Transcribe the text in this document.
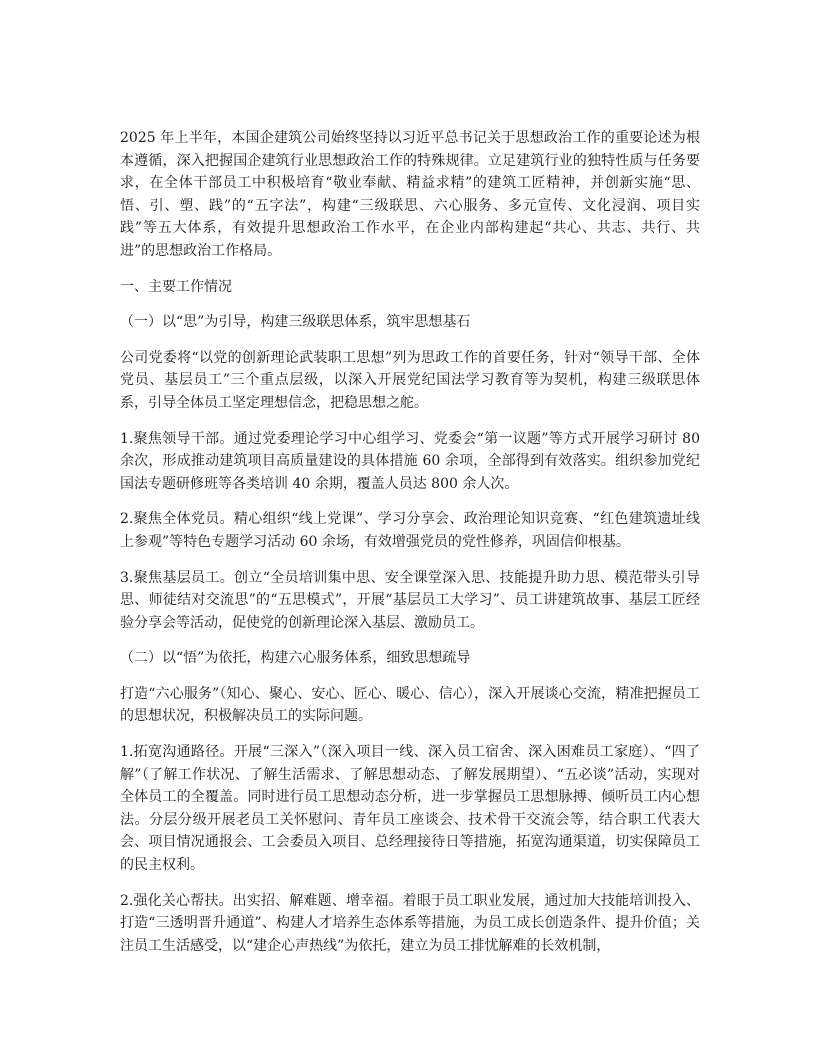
2025 年上半年，本国企建筑公司始终坚持以习近平总书记关于思想政治工作的重要论述为根本遵循，深入把握国企建筑行业思想政治工作的特殊规律。立足建筑行业的独特性质与任务要求，在全体干部员工中积极培育“敬业奉献、精益求精”的建筑工匠精神，并创新实施“思、悟、引、塑、践”的“五字法”，构建“三级联思、六心服务、多元宣传、文化浸润、项目实践”等五大体系，有效提升思想政治工作水平，在企业内部构建起“共心、共志、共行、共进”的思想政治工作格局。

一、主要工作情况

（一）以“思”为引导，构建三级联思体系，筑牢思想基石

公司党委将“以党的创新理论武装职工思想”列为思政工作的首要任务，针对“领导干部、全体党员、基层员工”三个重点层级，以深入开展党纪国法学习教育等为契机，构建三级联思体系，引导全体员工坚定理想信念，把稳思想之舵。

1.聚焦领导干部。通过党委理论学习中心组学习、党委会“第一议题”等方式开展学习研讨 80 余次，形成推动建筑项目高质量建设的具体措施 60 余项，全部得到有效落实。组织参加党纪国法专题研修班等各类培训 40 余期，覆盖人员达 800 余人次。

2.聚焦全体党员。精心组织“线上党课”、学习分享会、政治理论知识竞赛、“红色建筑遗址线上参观”等特色专题学习活动 60 余场，有效增强党员的党性修养，巩固信仰根基。

3.聚焦基层员工。创立“全员培训集中思、安全课堂深入思、技能提升助力思、模范带头引导思、师徒结对交流思”的“五思模式”，开展“基层员工大学习”、员工讲建筑故事、基层工匠经验分享会等活动，促使党的创新理论深入基层、激励员工。

（二）以“悟”为依托，构建六心服务体系，细致思想疏导

打造“六心服务”（知心、聚心、安心、匠心、暖心、信心），深入开展谈心交流，精准把握员工的思想状况，积极解决员工的实际问题。

1.拓宽沟通路径。开展“三深入”（深入项目一线、深入员工宿舍、深入困难员工家庭）、“四了解”（了解工作状况、了解生活需求、了解思想动态、了解发展期望）、“五必谈”活动，实现对全体员工的全覆盖。同时进行员工思想动态分析，进一步掌握员工思想脉搏、倾听员工内心想法。分层分级开展老员工关怀慰问、青年员工座谈会、技术骨干交流会等，结合职工代表大会、项目情况通报会、工会委员入项目、总经理接待日等措施，拓宽沟通渠道，切实保障员工的民主权利。

2.强化关心帮扶。出实招、解难题、增幸福。着眼于员工职业发展，通过加大技能培训投入、打造“三透明晋升通道”、构建人才培养生态体系等措施，为员工成长创造条件、提升价值；关注员工生活感受，以“建企心声热线”为依托，建立为员工排忧解难的长效机制，
